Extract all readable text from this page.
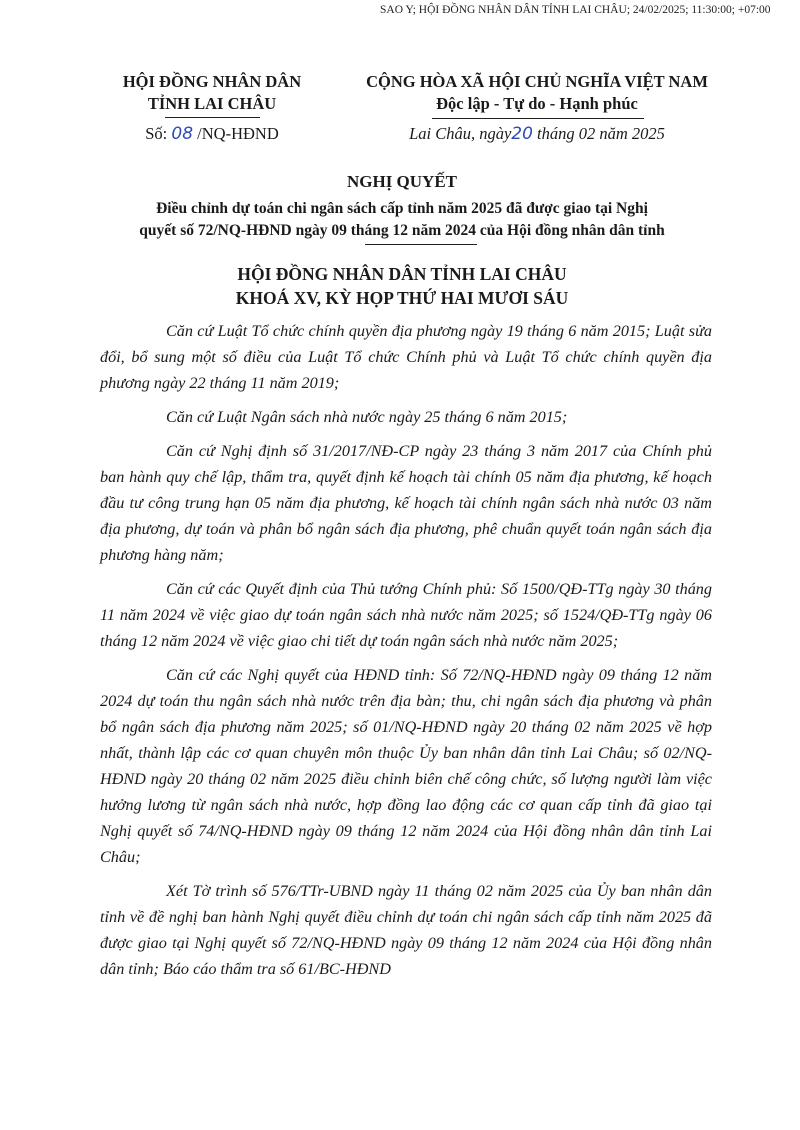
SAO Y; HỘI ĐỒNG NHÂN DÂN TỈNH LAI CHÂU; 24/02/2025; 11:30:00; +07:00
HỘI ĐỒNG NHÂN DÂN
TỈNH LAI CHÂU
CỘNG HÒA XÃ HỘI CHỦ NGHĨA VIỆT NAM
Độc lập - Tự do - Hạnh phúc
Số: 08 /NQ-HĐND	Lai Châu, ngày20 tháng 02 năm 2025
NGHỊ QUYẾT
Điều chỉnh dự toán chi ngân sách cấp tỉnh năm 2025 đã được giao tại Nghị
quyết số 72/NQ-HĐND ngày 09 tháng 12 năm 2024 của Hội đồng nhân dân tỉnh
HỘI ĐỒNG NHÂN DÂN TỈNH LAI CHÂU
KHOÁ XV, KỲ HỌP THỨ HAI MƯƠI SÁU

Căn cứ Luật Tổ chức chính quyền địa phương ngày 19 tháng 6 năm 2015; Luật sửa đổi, bổ sung một số điều của Luật Tổ chức Chính phủ và Luật Tổ chức chính quyền địa phương ngày 22 tháng 11 năm 2019;

Căn cứ Luật Ngân sách nhà nước ngày 25 tháng 6 năm 2015;

Căn cứ Nghị định số 31/2017/NĐ-CP ngày 23 tháng 3 năm 2017 của Chính phủ ban hành quy chế lập, thẩm tra, quyết định kế hoạch tài chính 05 năm địa phương, kế hoạch đầu tư công trung hạn 05 năm địa phương, kế hoạch tài chính ngân sách nhà nước 03 năm địa phương, dự toán và phân bổ ngân sách địa phương, phê chuẩn quyết toán ngân sách địa phương hàng năm;

Căn cứ các Quyết định của Thủ tướng Chính phủ: Số 1500/QĐ-TTg ngày 30 tháng 11 năm 2024 về việc giao dự toán ngân sách nhà nước năm 2025; số 1524/QĐ-TTg ngày 06 tháng 12 năm 2024 về việc giao chi tiết dự toán ngân sách nhà nước năm 2025;

Căn cứ các Nghị quyết của HĐND tỉnh: Số 72/NQ-HĐND ngày 09 tháng 12 năm 2024 dự toán thu ngân sách nhà nước trên địa bàn; thu, chi ngân sách địa phương và phân bổ ngân sách địa phương năm 2025; số 01/NQ-HĐND ngày 20 tháng 02 năm 2025 về hợp nhất, thành lập các cơ quan chuyên môn thuộc Ủy ban nhân dân tỉnh Lai Châu; số 02/NQ-HĐND ngày 20 tháng 02 năm 2025 điều chỉnh biên chế công chức, số lượng người làm việc hưởng lương từ ngân sách nhà nước, hợp đồng lao động các cơ quan cấp tỉnh đã giao tại Nghị quyết số 74/NQ-HĐND ngày 09 tháng 12 năm 2024 của Hội đồng nhân dân tỉnh Lai Châu;

Xét Tờ trình số 576/TTr-UBND ngày 11 tháng 02 năm 2025 của Ủy ban nhân dân tỉnh về đề nghị ban hành Nghị quyết điều chỉnh dự toán chi ngân sách cấp tỉnh năm 2025 đã được giao tại Nghị quyết số 72/NQ-HĐND ngày 09 tháng 12 năm 2024 của Hội đồng nhân dân tỉnh; Báo cáo thẩm tra số 61/BC-HĐND
